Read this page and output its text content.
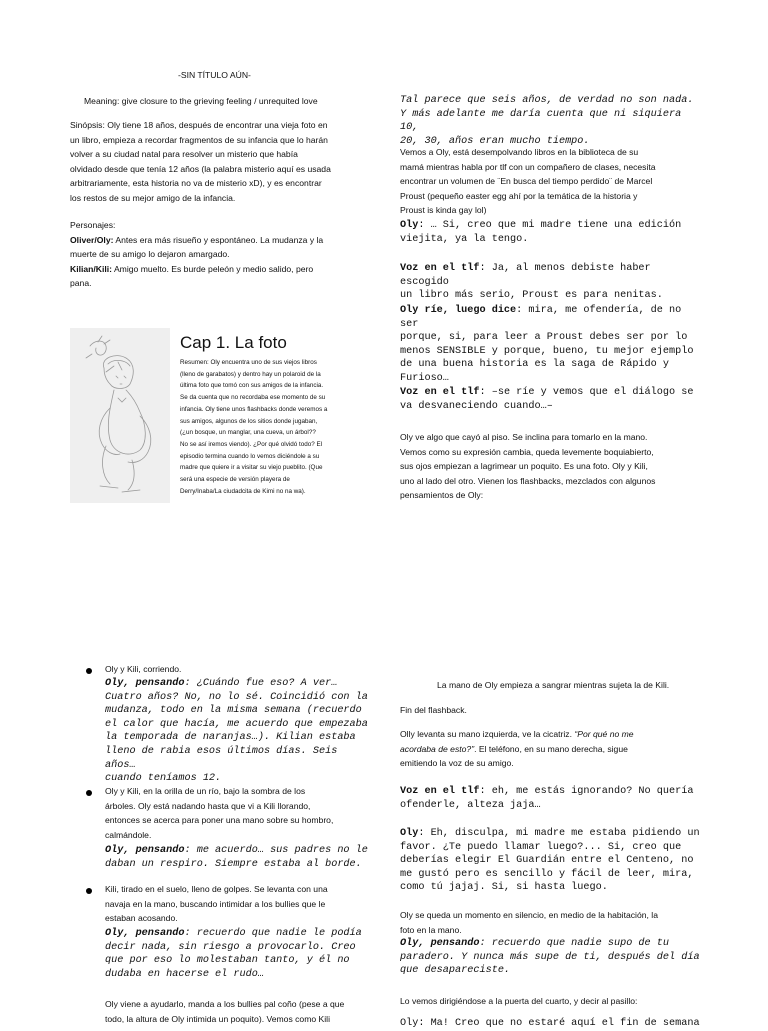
-SIN TÍTULO AÚN-
Meaning: give closure to the grieving feeling / unrequited love

Sinópsis: Oly tiene 18 años, después de encontrar una vieja foto en

un libro, empieza a recordar fragmentos de su infancia que lo harán

volver a su ciudad natal para resolver un misterio que había

olvidado desde que tenía 12 años (la palabra misterio aquí es usada

arbitrariamente, esta historia no va de misterio xD), y es encontrar

los restos de su mejor amigo de la infancia.

Personajes:

Oliver/Oly: Antes era más risueño y espontáneo. La mudanza y la

muerte de su amigo lo dejaron amargado.

Kilian/Kili: Amigo muelto. Es burde peleón y medio salido, pero

pana.

Cap 1. La foto

Resumen: Oly encuentra uno de sus viejos libros

(lleno de garabatos) y dentro hay un polaroid de la

última foto que tomó con sus amigos de la infancia.

Se da cuenta que no recordaba ese momento de su

infancia. Oly tiene unos flashbacks donde veremos a

sus amigos, algunos de los sitios donde jugaban,

(¿un bosque, un manglar, una cueva, un árbol??

No se así iremos viendo). ¿Por qué olvidó todo? El

episodio termina cuando lo vemos diciéndole a su

madre que quiere ir a visitar su viejo pueblito. (Que

será una especie de versión playera de

Derry/Inaba/La ciudadcita de Kimi no na wa).

Tal parece que seis años, de verdad no son nada.

Y más adelante me daría cuenta que ni siquiera 10,

20, 30, años eran mucho tiempo.

Vemos a Oly, está desempolvando libros en la biblioteca de su

mamá mientras habla por tlf con un compañero de clases, necesita

encontrar un volumen de ¨En busca del tiempo perdido¨ de Marcel

Proust (pequeño easter egg ahí por la temática de la historia y

Proust is kinda gay lol)

Oly: … Si, creo que mi madre tiene una edición

viejita, ya la tengo.

Voz en el tlf: Ja, al menos debiste haber escogido

un libro más serio, Proust es para nenitas.

Oly ríe, luego dice: mira, me ofendería, de no ser

porque, si, para leer a Proust debes ser por lo

menos SENSIBLE y porque, bueno, tu mejor ejemplo

de una buena historia es la saga de Rápido y

Furioso…

Voz en el tlf: –se ríe y vemos que el diálogo se

va desvaneciendo cuando…–

Oly ve algo que cayó al piso. Se inclina para tomarlo en la mano.

Vemos como su expresión cambia, queda levemente boquiabierto,

sus ojos empiezan a lagrimear un poquito. Es una foto. Oly y Kili,

uno al lado del otro. Vienen los flashbacks, mezclados con algunos

pensamientos de Oly:

Oly y Kili, corriendo.

Oly, pensando: ¿Cuándo fue eso? A ver…

Cuatro años? No, no lo sé. Coincidió con la

mudanza, todo en la misma semana (recuerdo

el calor que hacía, me acuerdo que empezaba

la temporada de naranjas…). Kilian estaba

lleno de rabia esos últimos días. Seis años…

cuando teníamos 12.

Oly y Kili, en la orilla de un río, bajo la sombra de los

árboles. Oly está nadando hasta que vi a Kili llorando,

entonces se acerca para poner una mano sobre su hombro,

calmándole.

Oly, pensando: me acuerdo… sus padres no le

daban un respiro. Siempre estaba al borde.

Kili, tirado en el suelo, lleno de golpes. Se levanta con una

navaja en la mano, buscando intimidar a los bullies que le

estaban acosando.

Oly, pensando: recuerdo que nadie le podía

decir nada, sin riesgo a provocarlo. Creo

que por eso lo molestaban tanto, y él no

dudaba en hacerse el rudo…

Oly viene a ayudarlo, manda a los bullies pal coño (pese a que

todo, la altura de Oly intimida un poquito). Vemos como Kili

La mano de Oly empieza a sangrar mientras sujeta la de Kili.
Fin del flashback.

Olly levanta su mano izquierda, ve la cicatriz. “Por qué no me

acordaba de esto?”. El teléfono, en su mano derecha, sigue

emitiendo la voz de su amigo.

Voz en el tlf: eh, me estás ignorando? No quería

ofenderle, alteza jaja…

Oly: Eh, disculpa, mi madre me estaba pidiendo un

favor. ¿Te puedo llamar luego?... Si, creo que

deberías elegir El Guardián entre el Centeno, no

me gustó pero es sencillo y fácil de leer, mira,

como tú jajaj. Si, si hasta luego.

Oly se queda un momento en silencio, en medio de la habitación, la

foto en la mano.

Oly, pensando: recuerdo que nadie supo de tu

paradero. Y nunca más supe de ti, después del día

que desapareciste.

Lo vemos dirigiéndose a la puerta del cuarto, y decir al pasillo:
Oly: Ma! Creo que no estaré aquí el fin de semana
